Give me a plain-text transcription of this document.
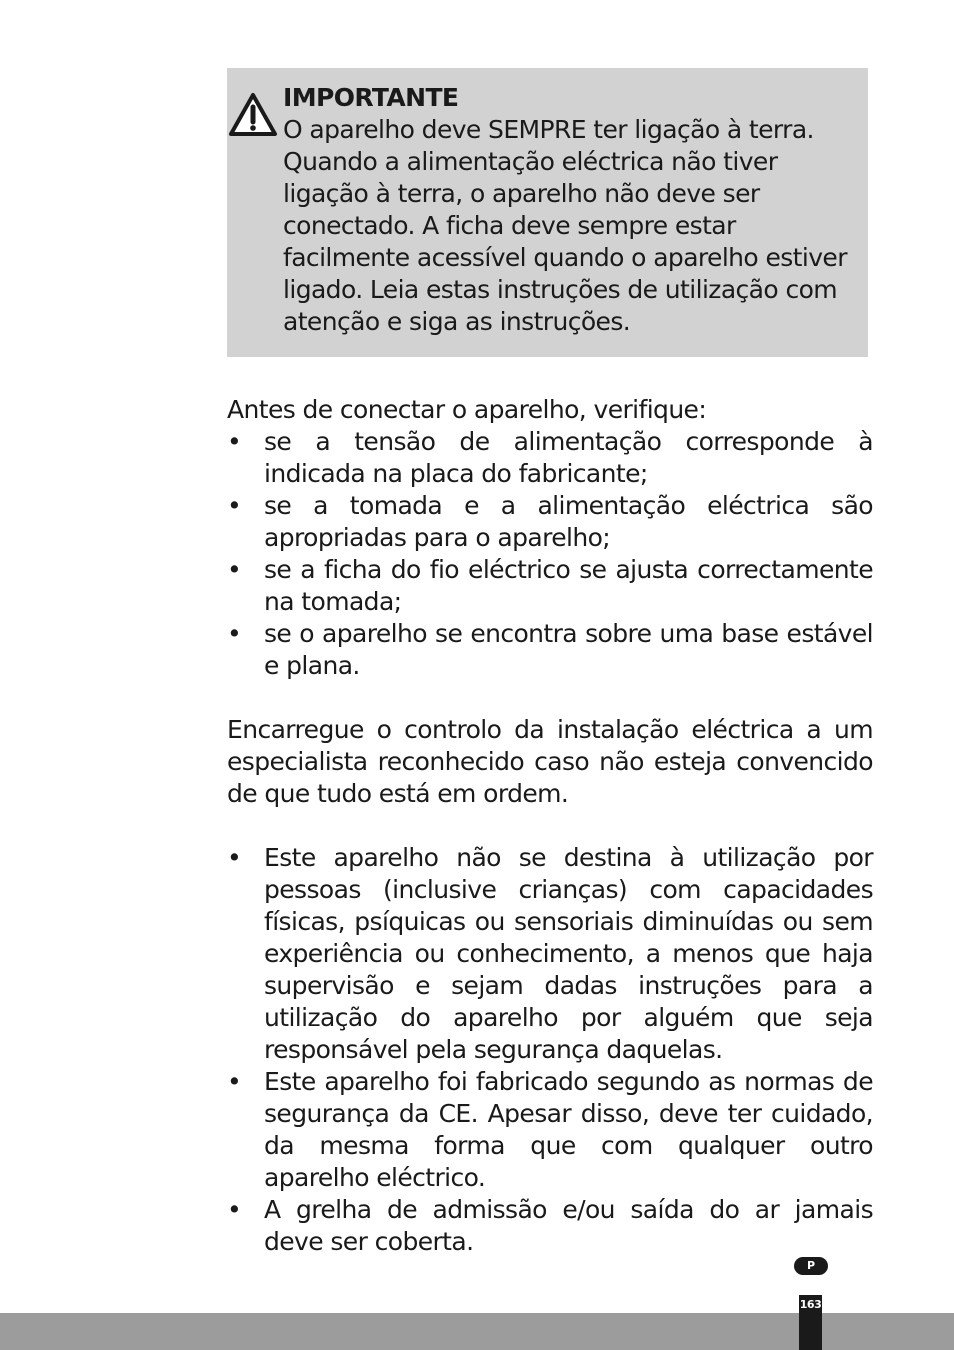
IMPORTANTE
O aparelho deve SEMPRE ter ligação à terra. Quando a alimentação eléctrica não tiver ligação à terra, o aparelho não deve ser conectado. A ficha deve sempre estar facilmente acessível quando o aparelho estiver ligado. Leia estas instruções de utilização com atenção e siga as instruções.

Antes de conectar o aparelho, verifique:

• se a tensão de alimentação corresponde à indicada na placa do fabricante;
• se a tomada e a alimentação eléctrica são apropriadas para o aparelho;
• se a ficha do fio eléctrico se ajusta correctamente na tomada;
• se o aparelho se encontra sobre uma base estável e plana.

Encarregue o controlo da instalação eléctrica a um especialista reconhecido caso não esteja convencido de que tudo está em ordem.

• Este aparelho não se destina à utilização por pessoas (inclusive crianças) com capacidades físicas, psíquicas ou sensoriais diminuídas ou sem experiência ou conhecimento, a menos que haja supervisão e sejam dadas instruções para a utilização do aparelho por alguém que seja responsável pela segurança daquelas.
• Este aparelho foi fabricado segundo as normas de segurança da CE. Apesar disso, deve ter cuidado, da mesma forma que com qualquer outro aparelho eléctrico.
• A grelha de admissão e/ou saída do ar jamais deve ser coberta.
P
163
